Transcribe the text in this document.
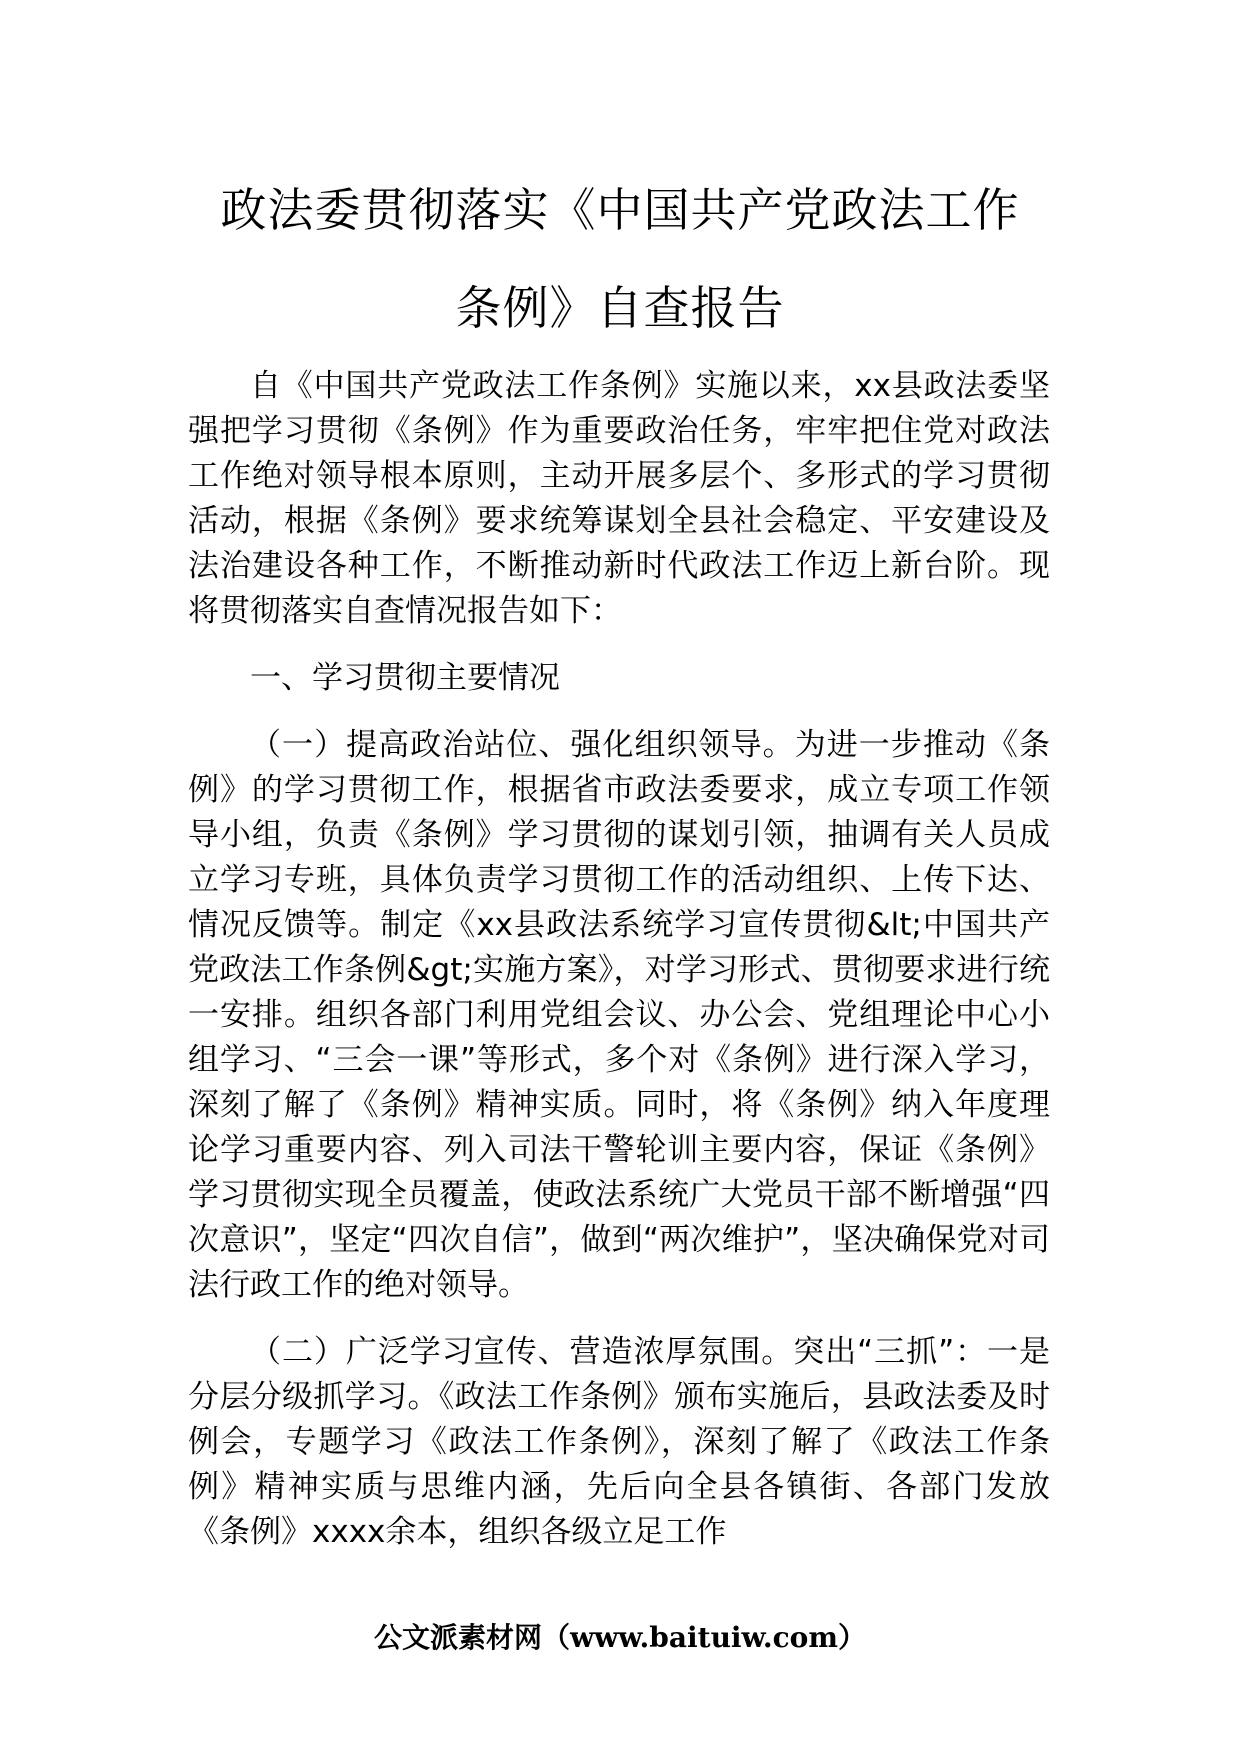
政法委贯彻落实《中国共产党政法工作
条例》自查报告

自《中国共产党政法工作条例》实施以来，xx县政法委坚强把学习贯彻《条例》作为重要政治任务，牢牢把住党对政法工作绝对领导根本原则，主动开展多层个、多形式的学习贯彻活动，根据《条例》要求统筹谋划全县社会稳定、平安建设及法治建设各种工作，不断推动新时代政法工作迈上新台阶。现将贯彻落实自查情况报告如下：

一、学习贯彻主要情况

（一）提高政治站位、强化组织领导。为进一步推动《条例》的学习贯彻工作，根据省市政法委要求，成立专项工作领导小组，负责《条例》学习贯彻的谋划引领，抽调有关人员成立学习专班，具体负责学习贯彻工作的活动组织、上传下达、情况反馈等。制定《xx县政法系统学习宣传贯彻&lt;中国共产党政法工作条例&gt;实施方案》，对学习形式、贯彻要求进行统一安排。组织各部门利用党组会议、办公会、党组理论中心小组学习、“三会一课”等形式，多个对《条例》进行深入学习，深刻了解了《条例》精神实质。同时，将《条例》纳入年度理论学习重要内容、列入司法干警轮训主要内容，保证《条例》学习贯彻实现全员覆盖，使政法系统广大党员干部不断增强“四次意识”，坚定“四次自信”，做到“两次维护”，坚决确保党对司法行政工作的绝对领导。

（二）广泛学习宣传、营造浓厚氛围。突出“三抓”：一是分层分级抓学习。《政法工作条例》颁布实施后，县政法委及时例会，专题学习《政法工作条例》，深刻了解了《政法工作条例》精神实质与思维内涵，先后向全县各镇街、各部门发放《条例》xxxx余本，组织各级立足工作

公文派素材网（www.baituiw.com）
